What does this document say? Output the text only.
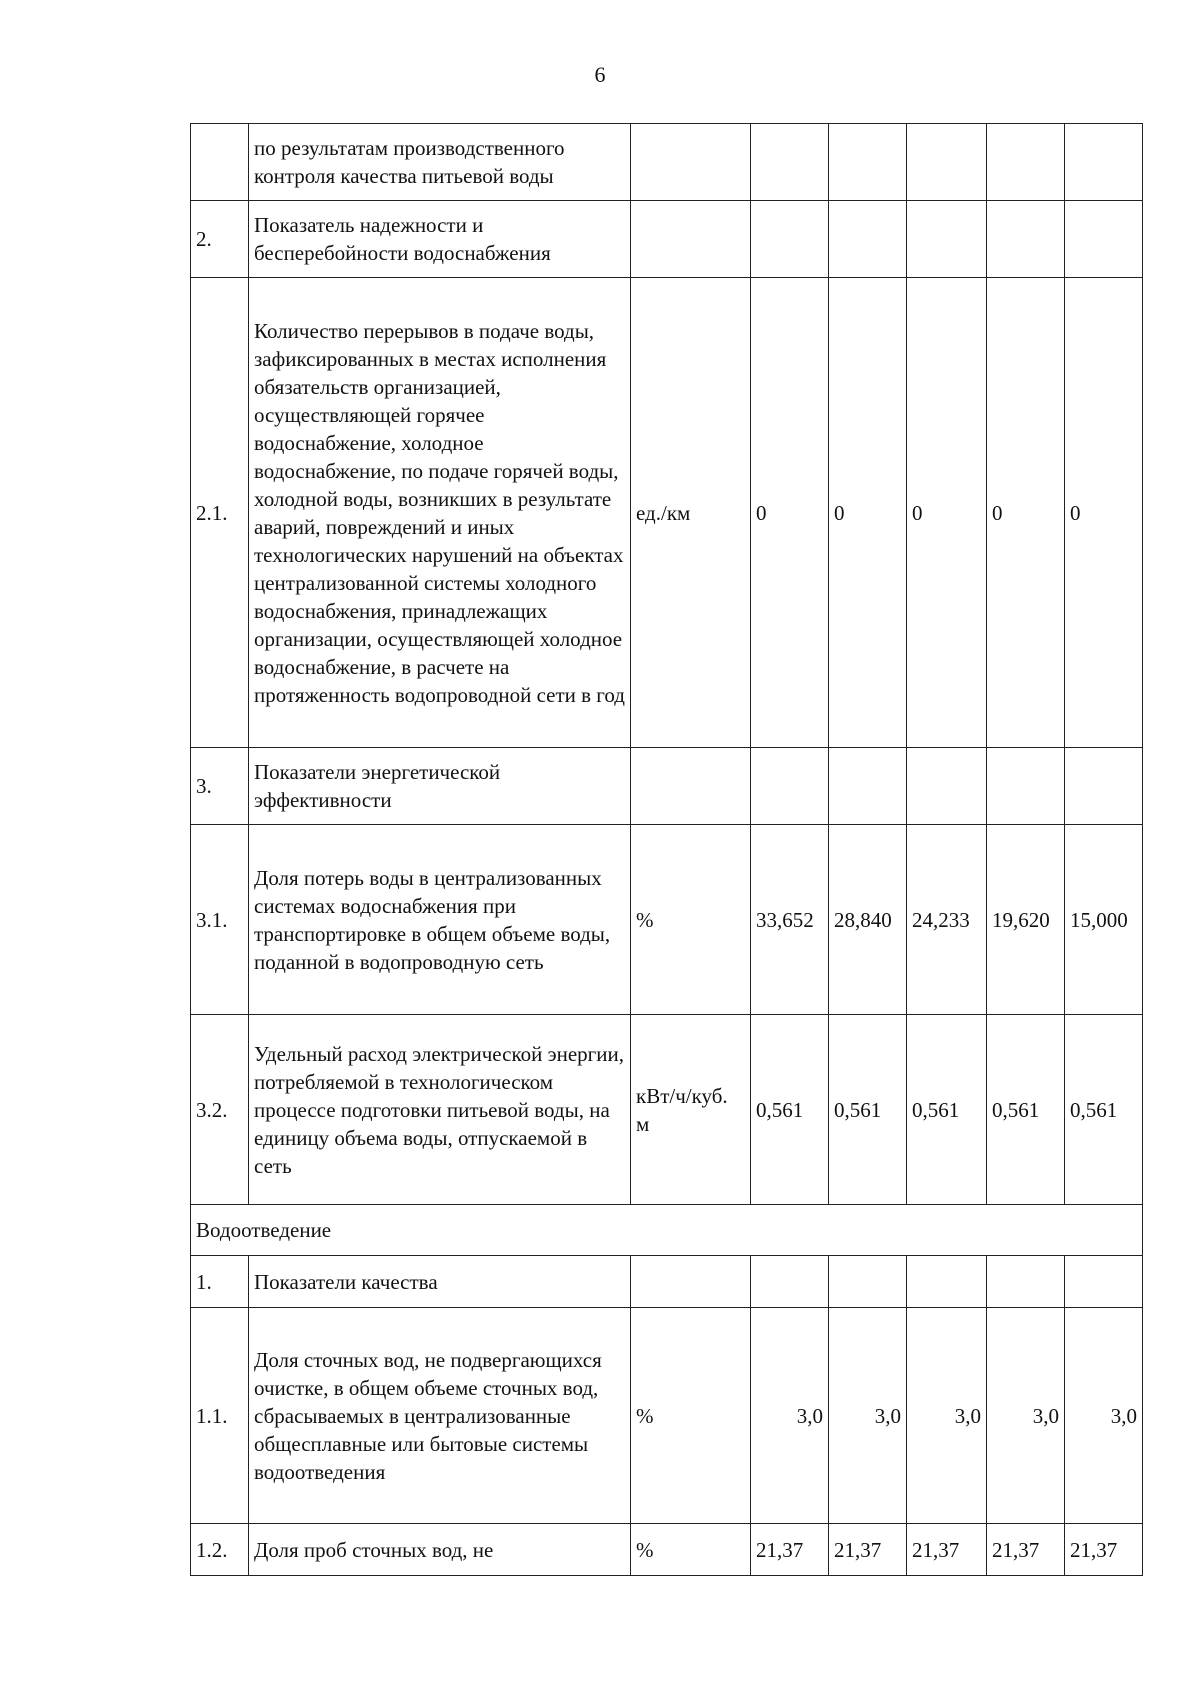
6
	по результатам производственного контроля качества питьевой воды						
2.	Показатель надежности и бесперебойности водоснабжения						
2.1.	Количество перерывов в подаче воды, зафиксированных в местах исполнения обязательств организацией, осуществляющей горячее водоснабжение, холодное водоснабжение, по подаче горячей воды, холодной воды, возникших в результате аварий, повреждений и иных технологических нарушений на объектах централизованной системы холодного водоснабжения, принадлежащих организации, осуществляющей холодное водоснабжение, в расчете на протяженность водопроводной сети в год	ед./км	0	0	0	0	0
3.	Показатели энергетической эффективности						
3.1.	Доля потерь воды в централизованных системах водоснабжения при транспортировке в общем объеме воды, поданной в водопроводную сеть	%	33,652	28,840	24,233	19,620	15,000
3.2.	Удельный расход электрической энергии, потребляемой в технологическом процессе подготовки питьевой воды, на единицу объема воды, отпускаемой в сеть	кВт/ч/куб. м	0,561	0,561	0,561	0,561	0,561
Водоотведение							
1.	Показатели качества						
1.1.	Доля сточных вод, не подвергающихся очистке, в общем объеме сточных вод, сбрасываемых в централизованные общесплавные или бытовые системы водоотведения	%	3,0	3,0	3,0	3,0	3,0
1.2.	Доля проб сточных вод, не	%	21,37	21,37	21,37	21,37	21,37
